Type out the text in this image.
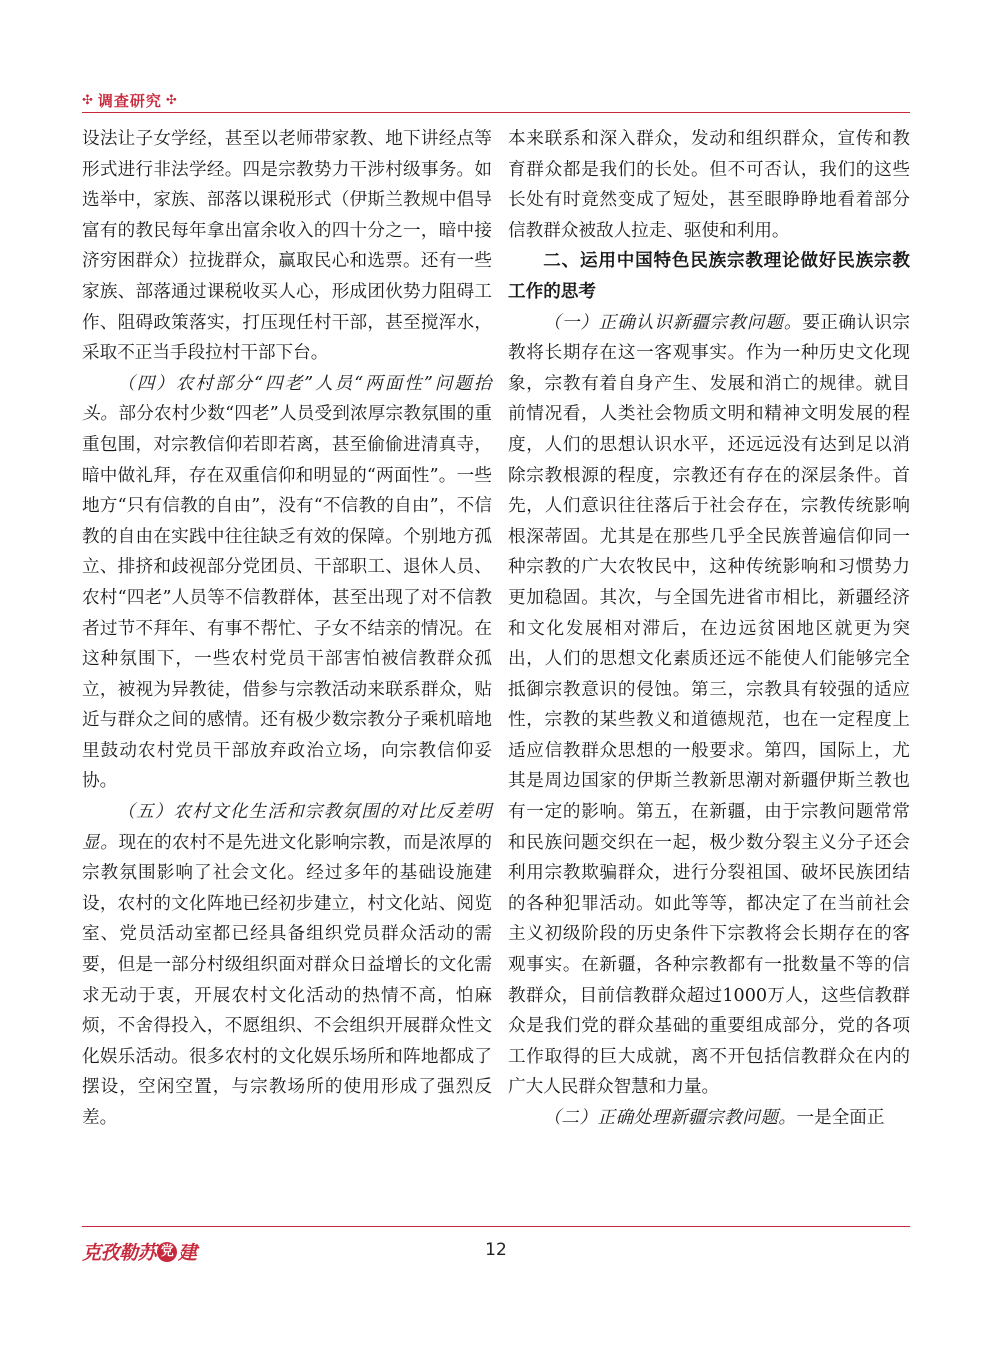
✣ 调查研究 ✣

设法让子女学经，甚至以老师带家教、地下讲经点等形式进行非法学经。四是宗教势力干涉村级事务。如选举中，家族、部落以课税形式（伊斯兰教规中倡导富有的教民每年拿出富余收入的四十分之一，暗中接济穷困群众）拉拢群众，赢取民心和选票。还有一些家族、部落通过课税收买人心，形成团伙势力阻碍工作、阻碍政策落实，打压现任村干部，甚至搅浑水，采取不正当手段拉村干部下台。

（四）农村部分“四老”人员“两面性”问题抬头。部分农村少数“四老”人员受到浓厚宗教氛围的重重包围，对宗教信仰若即若离，甚至偷偷进清真寺，暗中做礼拜，存在双重信仰和明显的“两面性”。一些地方“只有信教的自由”，没有“不信教的自由”，不信教的自由在实践中往往缺乏有效的保障。个别地方孤立、排挤和歧视部分党团员、干部职工、退休人员、农村“四老”人员等不信教群体，甚至出现了对不信教者过节不拜年、有事不帮忙、子女不结亲的情况。在这种氛围下，一些农村党员干部害怕被信教群众孤立，被视为异教徒，借参与宗教活动来联系群众，贴近与群众之间的感情。还有极少数宗教分子乘机暗地里鼓动农村党员干部放弃政治立场，向宗教信仰妥协。

（五）农村文化生活和宗教氛围的对比反差明显。现在的农村不是先进文化影响宗教，而是浓厚的宗教氛围影响了社会文化。经过多年的基础设施建设，农村的文化阵地已经初步建立，村文化站、阅览室、党员活动室都已经具备组织党员群众活动的需要，但是一部分村级组织面对群众日益增长的文化需求无动于衷，开展农村文化活动的热情不高，怕麻烦，不舍得投入，不愿组织、不会组织开展群众性文化娱乐活动。很多农村的文化娱乐场所和阵地都成了摆设，空闲空置，与宗教场所的使用形成了强烈反差。

本来联系和深入群众，发动和组织群众，宣传和教育群众都是我们的长处。但不可否认，我们的这些长处有时竟然变成了短处，甚至眼睁睁地看着部分信教群众被敌人拉走、驱使和利用。

二、运用中国特色民族宗教理论做好民族宗教工作的思考

（一）正确认识新疆宗教问题。要正确认识宗教将长期存在这一客观事实。作为一种历史文化现象，宗教有着自身产生、发展和消亡的规律。就目前情况看，人类社会物质文明和精神文明发展的程度，人们的思想认识水平，还远远没有达到足以消除宗教根源的程度，宗教还有存在的深层条件。首先，人们意识往往落后于社会存在，宗教传统影响根深蒂固。尤其是在那些几乎全民族普遍信仰同一种宗教的广大农牧民中，这种传统影响和习惯势力更加稳固。其次，与全国先进省市相比，新疆经济和文化发展相对滞后，在边远贫困地区就更为突出，人们的思想文化素质还远不能使人们能够完全抵御宗教意识的侵蚀。第三，宗教具有较强的适应性，宗教的某些教义和道德规范，也在一定程度上适应信教群众思想的一般要求。第四，国际上，尤其是周边国家的伊斯兰教新思潮对新疆伊斯兰教也有一定的影响。第五，在新疆，由于宗教问题常常和民族问题交织在一起，极少数分裂主义分子还会利用宗教欺骗群众，进行分裂祖国、破坏民族团结的各种犯罪活动。如此等等，都决定了在当前社会主义初级阶段的历史条件下宗教将会长期存在的客观事实。在新疆，各种宗教都有一批数量不等的信教群众，目前信教群众超过1000万人，这些信教群众是我们党的群众基础的重要组成部分，党的各项工作取得的巨大成就，离不开包括信教群众在内的广大人民群众智慧和力量。

（二）正确处理新疆宗教问题。一是全面正

克孜勒苏 党 建	12
